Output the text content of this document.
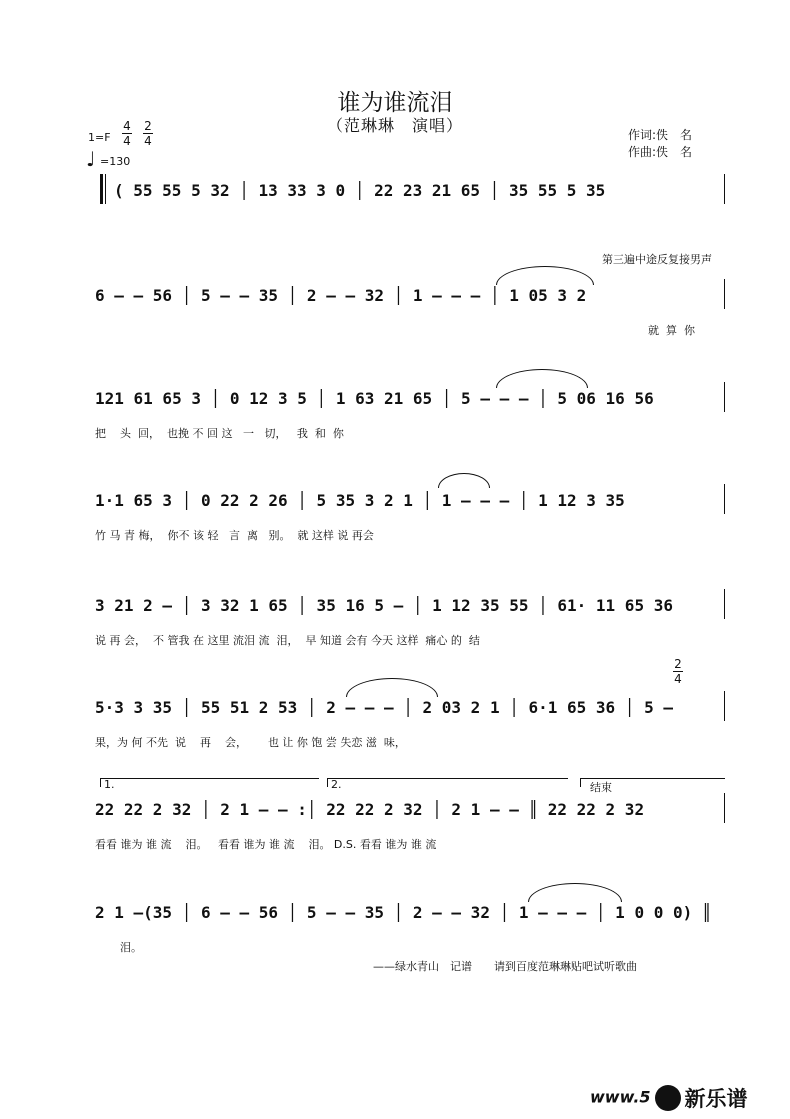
谁为谁流泪
（范琳琳　演唱）	作词:佚　名
作曲:佚　名
1=F
4
4
2
4
♩ =130
( 55 55 5 32 │ 13 33 3 0 │ 22 23 21 65 │ 35 55 5 35
第三遍中途反复接男声
6 — — 56 │ 5 — — 35 │ 2 — — 32 │ 1 — — — │ 1 05 3 2
就  算  你
121 61 65 3 │ 0 12 3 5 │ 1 63 21 65 │ 5 — — — │ 5 06 16 56
把    头  回，  也挽 不 回 这   一   切，   我  和  你
1·1 65 3 │ 0 22 2 26 │ 5 35 3 2 1 │ 1 — — — │ 1 12 3 35
竹 马 青 梅，  你不 该 轻   言  离   别。  就 这样 说 再会
3 21 2 — │ 3 32 1 65 │ 35 16 5 — │ 1 12 35 55 │ 61· 11 65 36
说 再 会，  不 管我 在 这里 流泪 流  泪，  早 知道 会有 今天 这样  痛心 的  结
2
4
5·3 3 35 │ 55 51 2 53 │ 2 — — — │ 2 03 2 1 │ 6·1 65 36 │ 5 —
果，为 何 不先  说    再    会，      也 让 你 饱 尝 失恋 滋  味，
1.	2.	结束
22 22 2 32 │ 2 1 — — :│ 22 22 2 32 │ 2 1 — — ║ 22 22 2 32
看看 谁为 谁 流    泪。   看看 谁为 谁 流    泪。 D.S. 看看 谁为 谁 流
2 1 —(35 │ 6 — — 56 │ 5 — — 35 │ 2 — — 32 │ 1 — — — │ 1 0 0 0) ║
泪。
——绿水青山　记谱　　请到百度范琳琳贴吧试听歌曲
www.5 新乐谱
